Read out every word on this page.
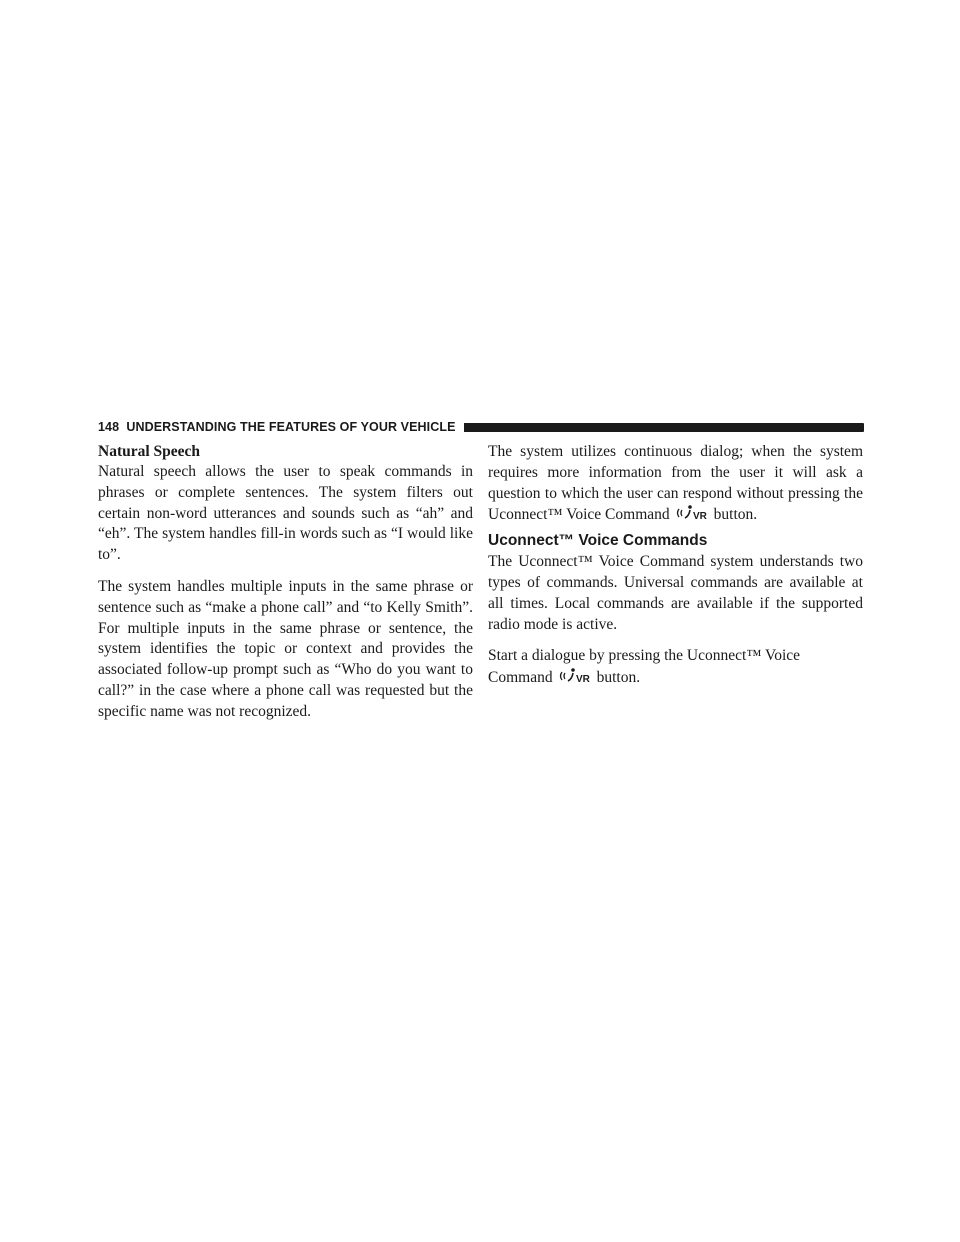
148 UNDERSTANDING THE FEATURES OF YOUR VEHICLE
Natural Speech

Natural speech allows the user to speak commands in phrases or complete sentences. The system filters out certain non-word utterances and sounds such as “ah” and “eh”. The system handles fill-in words such as “I would like to”.

The system handles multiple inputs in the same phrase or sentence such as “make a phone call” and “to Kelly Smith”. For multiple inputs in the same phrase or sentence, the system identifies the topic or context and provides the associated follow-up prompt such as “Who do you want to call?” in the case where a phone call was requested but the specific name was not recognized.

The system utilizes continuous dialog; when the system requires more information from the user it will ask a question to which the user can respond without pressing the Uconnect™ Voice Command VR button.

Uconnect™ Voice Commands

The Uconnect™ Voice Command system understands two types of commands. Universal commands are available at all times. Local commands are available if the supported radio mode is active.

Start a dialogue by pressing the Uconnect™ Voice Command VR button.
